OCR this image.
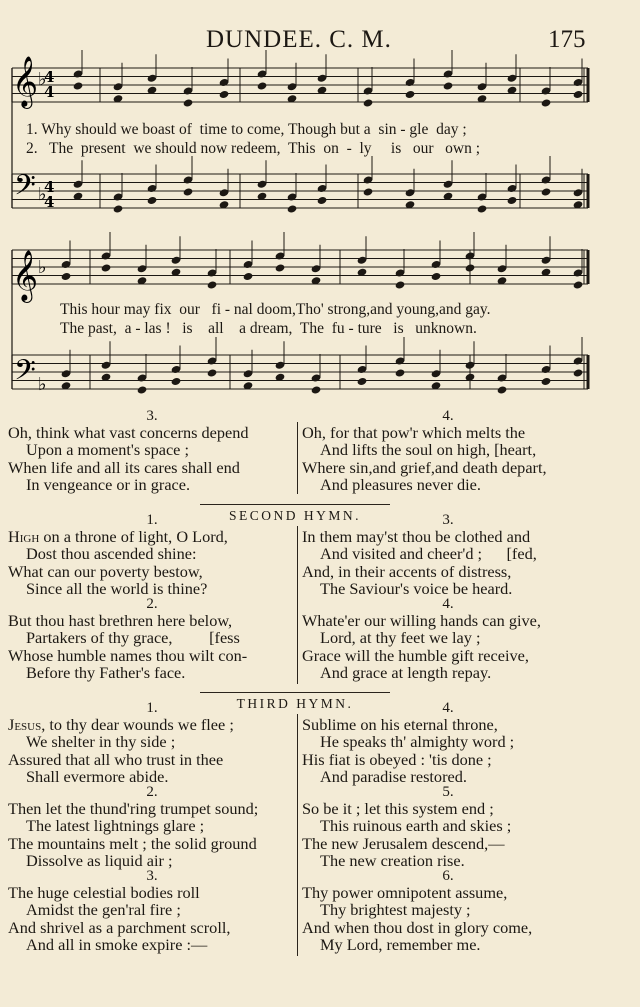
DUNDEE. C. M.	175
𝄞
𝄢
𝄞
𝄢
4
4
4
4
♭
♭
♭
♭
1. Why should we boast of  time to come, Though but a  sin - gle  day ;
2.   The  present  we should now redeem,  This  on  -  ly     is   our   own ;
This hour may fix  our   fi - nal doom,Tho' strong,and young,and gay.
The past,  a - las !   is    all    a dream,  The  fu - ture   is   unknown.
3.
Oh, think what vast concerns depend
Upon a moment's space ;
When life and all its cares shall end
In vengeance or in grace.
4.
Oh, for that pow'r which melts the
And lifts the soul on high, [heart,
Where sin,and grief,and death depart,
And pleasures never die.
SECOND HYMN.
1.
High on a throne of light, O Lord,
Dost thou ascended shine:
What can our poverty bestow,
Since all the world is thine?
2.
But thou hast brethren here below,
Partakers of thy grace,         [fess
Whose humble names thou wilt con-
Before thy Father's face.
3.
In them may'st thou be clothed and
And visited and cheer'd ;      [fed,
And, in their accents of distress,
The Saviour's voice be heard.
4.
Whate'er our willing hands can give,
Lord, at thy feet we lay ;
Grace will the humble gift receive,
And grace at length repay.
THIRD HYMN.
1.
Jesus, to thy dear wounds we flee ;
We shelter in thy side ;
Assured that all who trust in thee
Shall evermore abide.
2.
Then let the thund'ring trumpet sound;
The latest lightnings glare ;
The mountains melt ; the solid ground
Dissolve as liquid air ;
3.
The huge celestial bodies roll
Amidst the gen'ral fire ;
And shrivel as a parchment scroll,
And all in smoke expire :—
4.
Sublime on his eternal throne,
He speaks th' almighty word ;
His fiat is obeyed : 'tis done ;
And paradise restored.
5.
So be it ; let this system end ;
This ruinous earth and skies ;
The new Jerusalem descend,—
The new creation rise.
6.
Thy power omnipotent assume,
Thy brightest majesty ;
And when thou dost in glory come,
My Lord, remember me.
